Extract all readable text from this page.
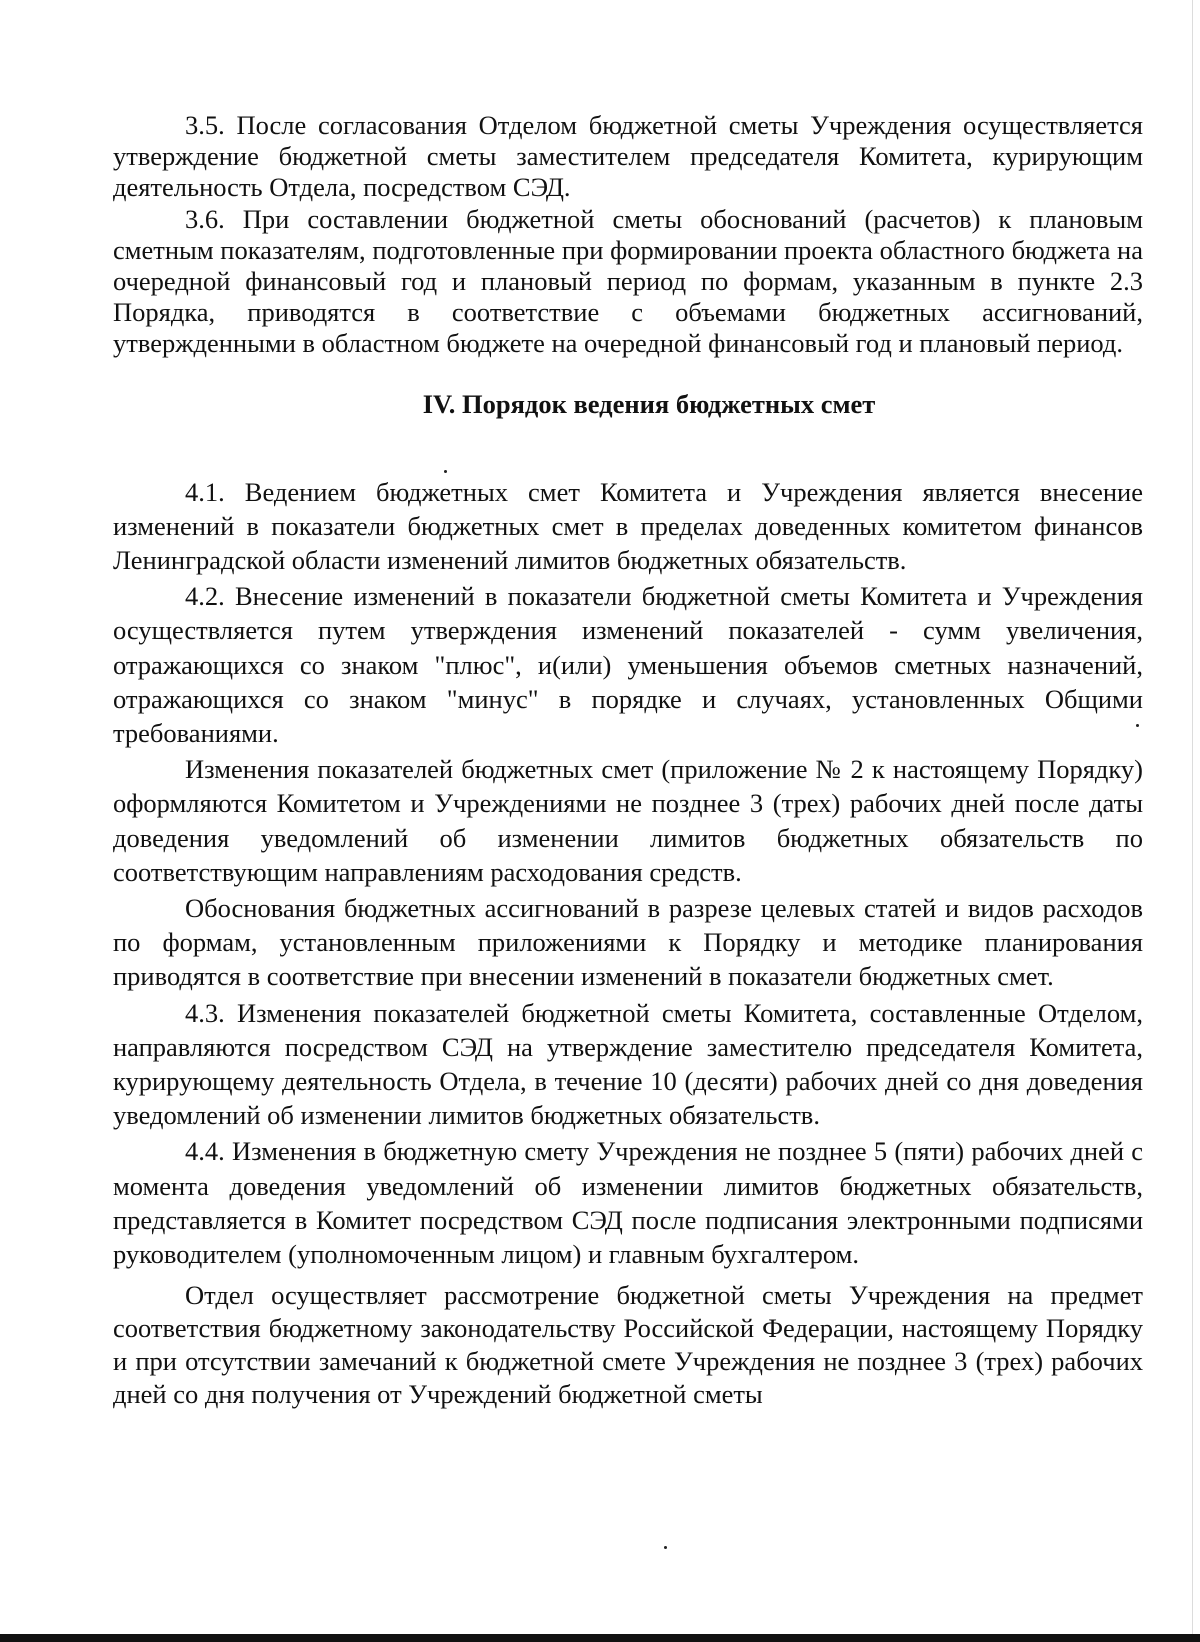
3.5. После согласования Отделом бюджетной сметы Учреждения осуществляется утверждение бюджетной сметы заместителем председателя Комитета, курирующим деятельность Отдела, посредством СЭД.

3.6. При составлении бюджетной сметы обоснований (расчетов) к плановым сметным показателям, подготовленные при формировании проекта областного бюджета на очередной финансовый год и плановый период по формам, указанным в пункте 2.3 Порядка, приводятся в соответствие с объемами бюджетных ассигнований, утвержденными в областном бюджете на очередной финансовый год и плановый период.

IV. Порядок ведения бюджетных смет

4.1. Ведением бюджетных смет Комитета и Учреждения является внесение изменений в показатели бюджетных смет в пределах доведенных комитетом финансов Ленинградской области изменений лимитов бюджетных обязательств.

4.2. Внесение изменений в показатели бюджетной сметы Комитета и Учреждения осуществляется путем утверждения изменений показателей - сумм увеличения, отражающихся со знаком "плюс", и(или) уменьшения объемов сметных назначений, отражающихся со знаком "минус" в порядке и случаях, установленных Общими требованиями.

Изменения показателей бюджетных смет (приложение № 2 к настоящему Порядку) оформляются Комитетом и Учреждениями не позднее 3 (трех) рабочих дней после даты доведения уведомлений об изменении лимитов бюджетных обязательств по соответствующим направлениям расходования средств.

Обоснования бюджетных ассигнований в разрезе целевых статей и видов расходов по формам, установленным приложениями к Порядку и методике планирования приводятся в соответствие при внесении изменений в показатели бюджетных смет.

4.3. Изменения показателей бюджетной сметы Комитета, составленные Отделом, направляются посредством СЭД на утверждение заместителю председателя Комитета, курирующему деятельность Отдела, в течение 10 (десяти) рабочих дней со дня доведения уведомлений об изменении лимитов бюджетных обязательств.

4.4. Изменения в бюджетную смету Учреждения не позднее 5 (пяти) рабочих дней с момента доведения уведомлений об изменении лимитов бюджетных обязательств, представляется в Комитет посредством СЭД после подписания электронными подписями руководителем (уполномоченным лицом) и главным бухгалтером.

Отдел осуществляет рассмотрение бюджетной сметы Учреждения на предмет соответствия бюджетному законодательству Российской Федерации, настоящему Порядку и при отсутствии замечаний к бюджетной смете Учреждения не позднее 3 (трех) рабочих дней со дня получения от Учреждений бюджетной сметы
